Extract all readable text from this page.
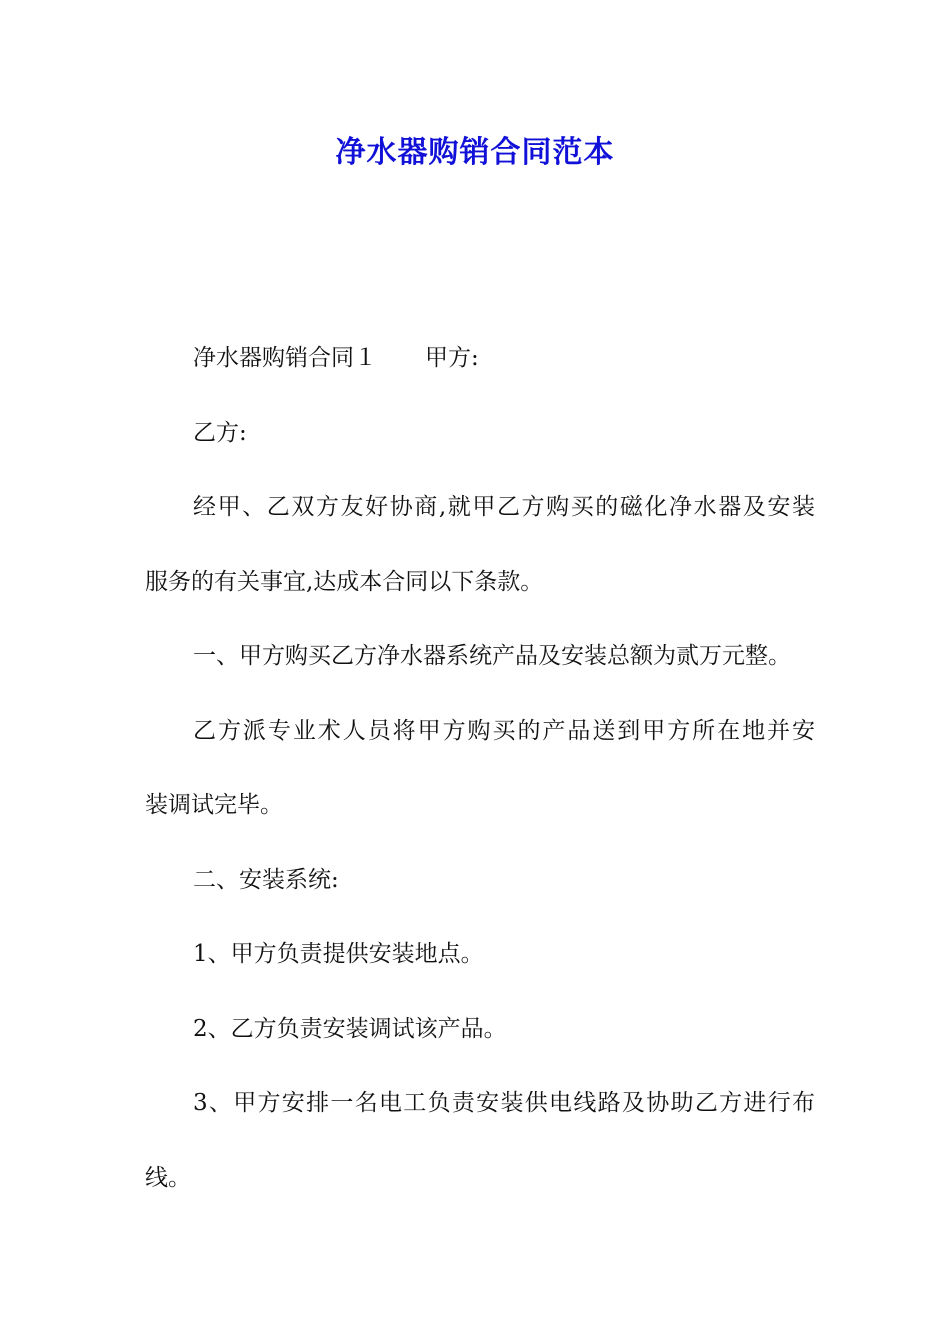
净水器购销合同范本

净水器购销合同１ 甲方:

乙方:

经甲、乙双方友好协商,就甲乙方购买的磁化净水器及安装

服务的有关事宜,达成本合同以下条款。

一、甲方购买乙方净水器系统产品及安装总额为贰万元整。

乙方派专业术人员将甲方购买的产品送到甲方所在地并安

装调试完毕。

二、安装系统:

1、甲方负责提供安装地点。

2、乙方负责安装调试该产品。

3、甲方安排一名电工负责安装供电线路及协助乙方进行布

线。
